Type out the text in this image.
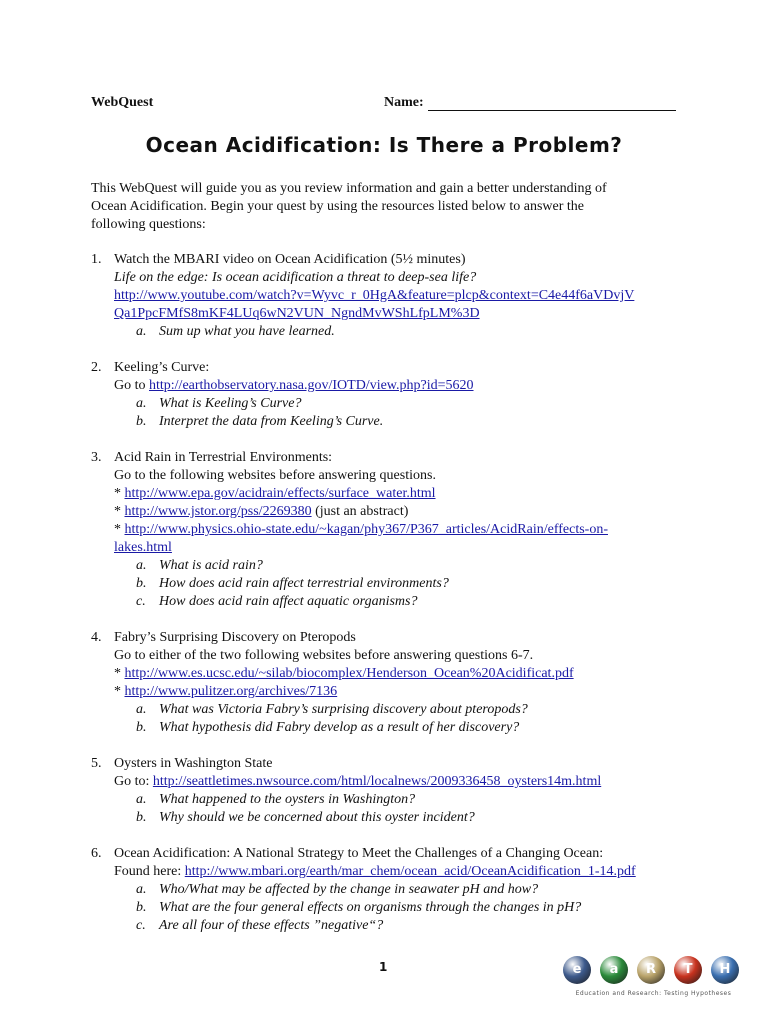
WebQuest	Name:
Ocean Acidification: Is There a Problem?
This WebQuest will guide you as you review information and gain a better understanding of
Ocean Acidification. Begin your quest by using the resources listed below to answer the
following questions:
1. Watch the MBARI video on Ocean Acidification (5½ minutes)
Life on the edge: Is ocean acidification a threat to deep-sea life?
http://www.youtube.com/watch?v=Wyvc_r_0HgA&feature=plcp&context=C4e44f6aVDvjV
Qa1PpcFMfS8mKF4LUq6wN2VUN_NgndMvWShLfpLM%3D
a. Sum up what you have learned.
2. Keeling’s Curve:
Go to http://earthobservatory.nasa.gov/IOTD/view.php?id=5620
a. What is Keeling’s Curve?
b. Interpret the data from Keeling’s Curve.
3. Acid Rain in Terrestrial Environments:
Go to the following websites before answering questions.
* http://www.epa.gov/acidrain/effects/surface_water.html
* http://www.jstor.org/pss/2269380 (just an abstract)
* http://www.physics.ohio-state.edu/~kagan/phy367/P367_articles/AcidRain/effects-on-
lakes.html
a. What is acid rain?
b. How does acid rain affect terrestrial environments?
c. How does acid rain affect aquatic organisms?
4. Fabry’s Surprising Discovery on Pteropods
Go to either of the two following websites before answering questions 6-7.
* http://www.es.ucsc.edu/~silab/biocomplex/Henderson_Ocean%20Acidificat.pdf
* http://www.pulitzer.org/archives/7136
a. What was Victoria Fabry’s surprising discovery about pteropods?
b. What hypothesis did Fabry develop as a result of her discovery?
5. Oysters in Washington State
Go to: http://seattletimes.nwsource.com/html/localnews/2009336458_oysters14m.html
a. What happened to the oysters in Washington?
b. Why should we be concerned about this oyster incident?
6. Ocean Acidification: A National Strategy to Meet the Challenges of a Changing Ocean:
Found here: http://www.mbari.org/earth/mar_chem/ocean_acid/OceanAcidification_1-14.pdf
a. Who/What may be affected by the change in seawater pH and how?
b. What are the four general effects on organisms through the changes in pH?
c. Are all four of these effects ”negative“?
1
Education and Research: Testing Hypotheses
e	a	R	T	H
